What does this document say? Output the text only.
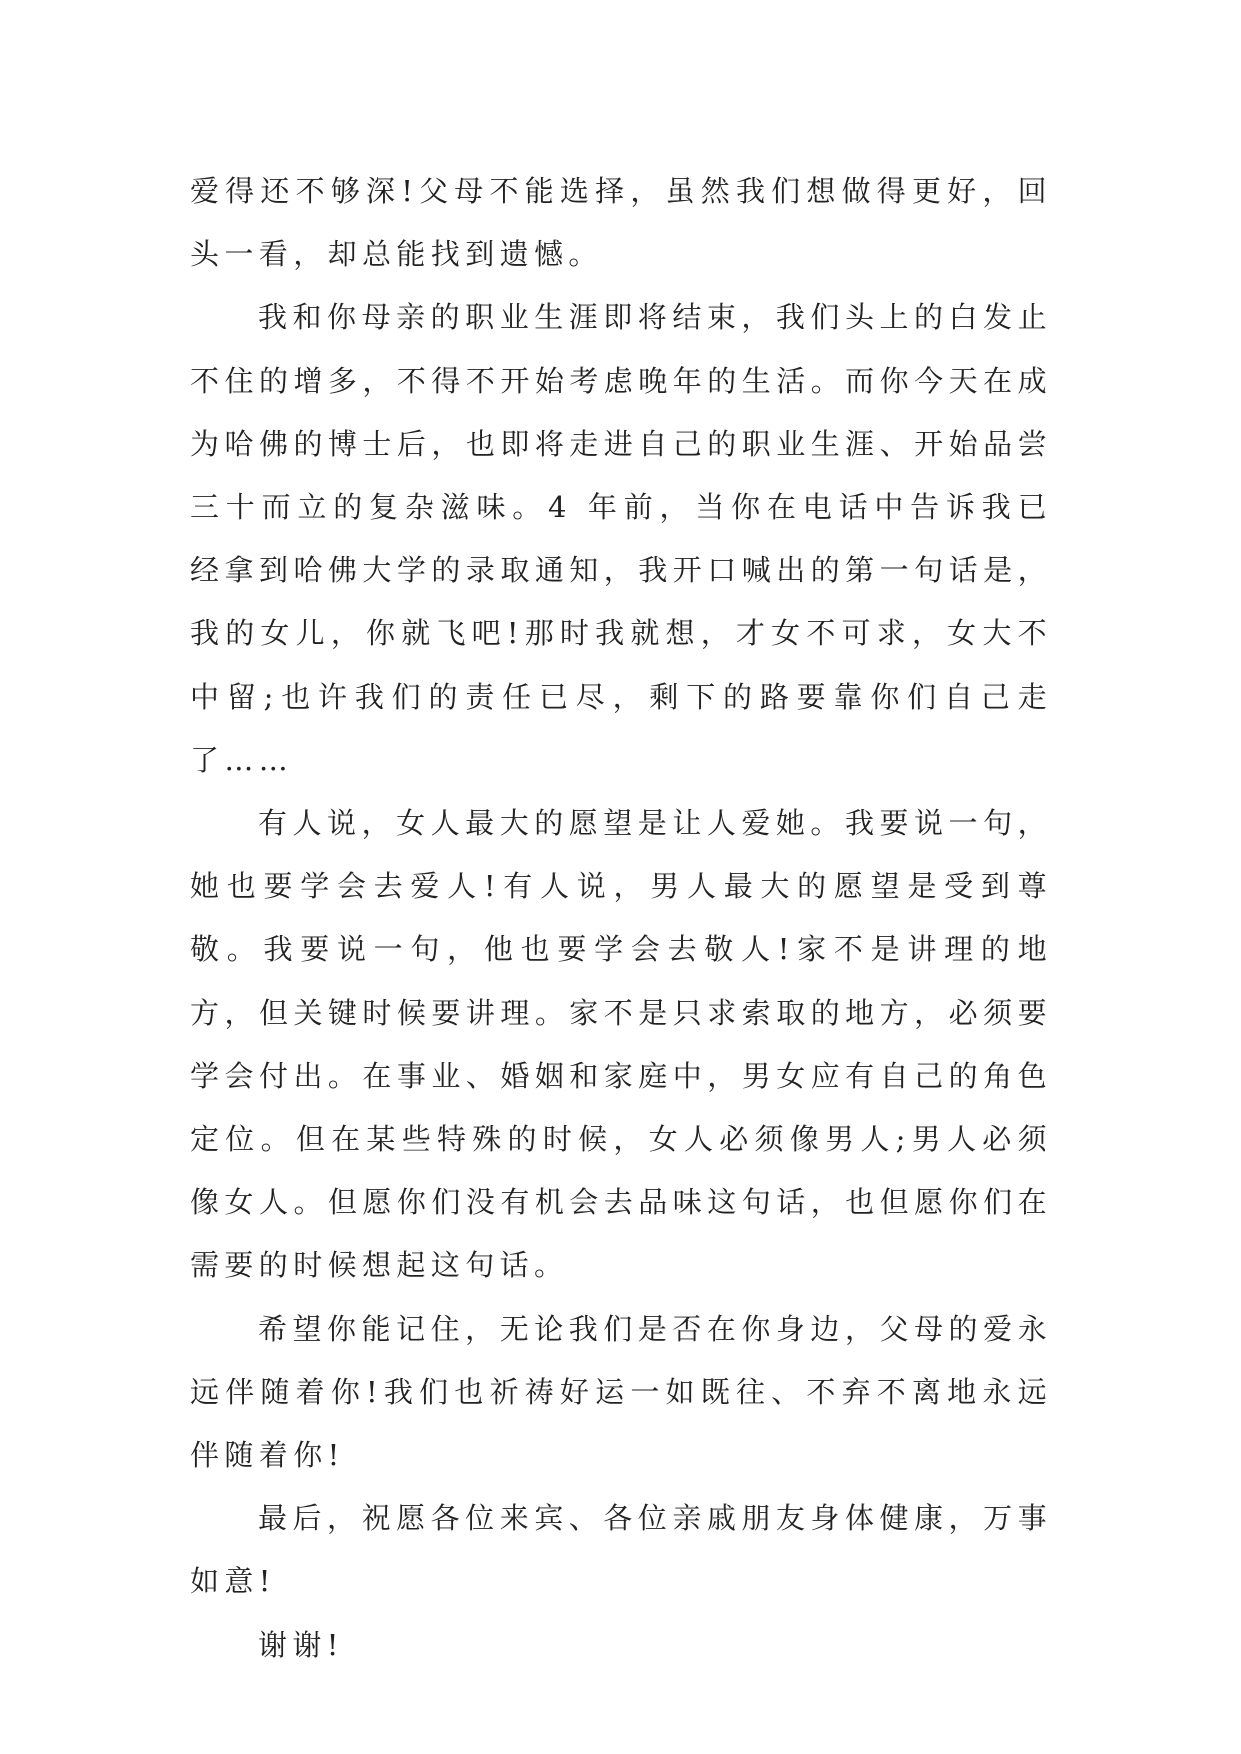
爱得还不够深!父母不能选择，虽然我们想做得更好，回头一看，却总能找到遗憾。

我和你母亲的职业生涯即将结束，我们头上的白发止不住的增多，不得不开始考虑晚年的生活。而你今天在成为哈佛的博士后，也即将走进自己的职业生涯、开始品尝三十而立的复杂滋味。4 年前，当你在电话中告诉我已经拿到哈佛大学的录取通知，我开口喊出的第一句话是，我的女儿，你就飞吧!那时我就想，才女不可求，女大不中留;也许我们的责任已尽，剩下的路要靠你们自己走了……

有人说，女人最大的愿望是让人爱她。我要说一句，她也要学会去爱人!有人说，男人最大的愿望是受到尊敬。我要说一句，他也要学会去敬人!家不是讲理的地方，但关键时候要讲理。家不是只求索取的地方，必须要学会付出。在事业、婚姻和家庭中，男女应有自己的角色定位。但在某些特殊的时候，女人必须像男人;男人必须像女人。但愿你们没有机会去品味这句话，也但愿你们在需要的时候想起这句话。

希望你能记住，无论我们是否在你身边，父母的爱永远伴随着你!我们也祈祷好运一如既往、不弃不离地永远伴随着你!

最后，祝愿各位来宾、各位亲戚朋友身体健康，万事如意!

谢谢!
